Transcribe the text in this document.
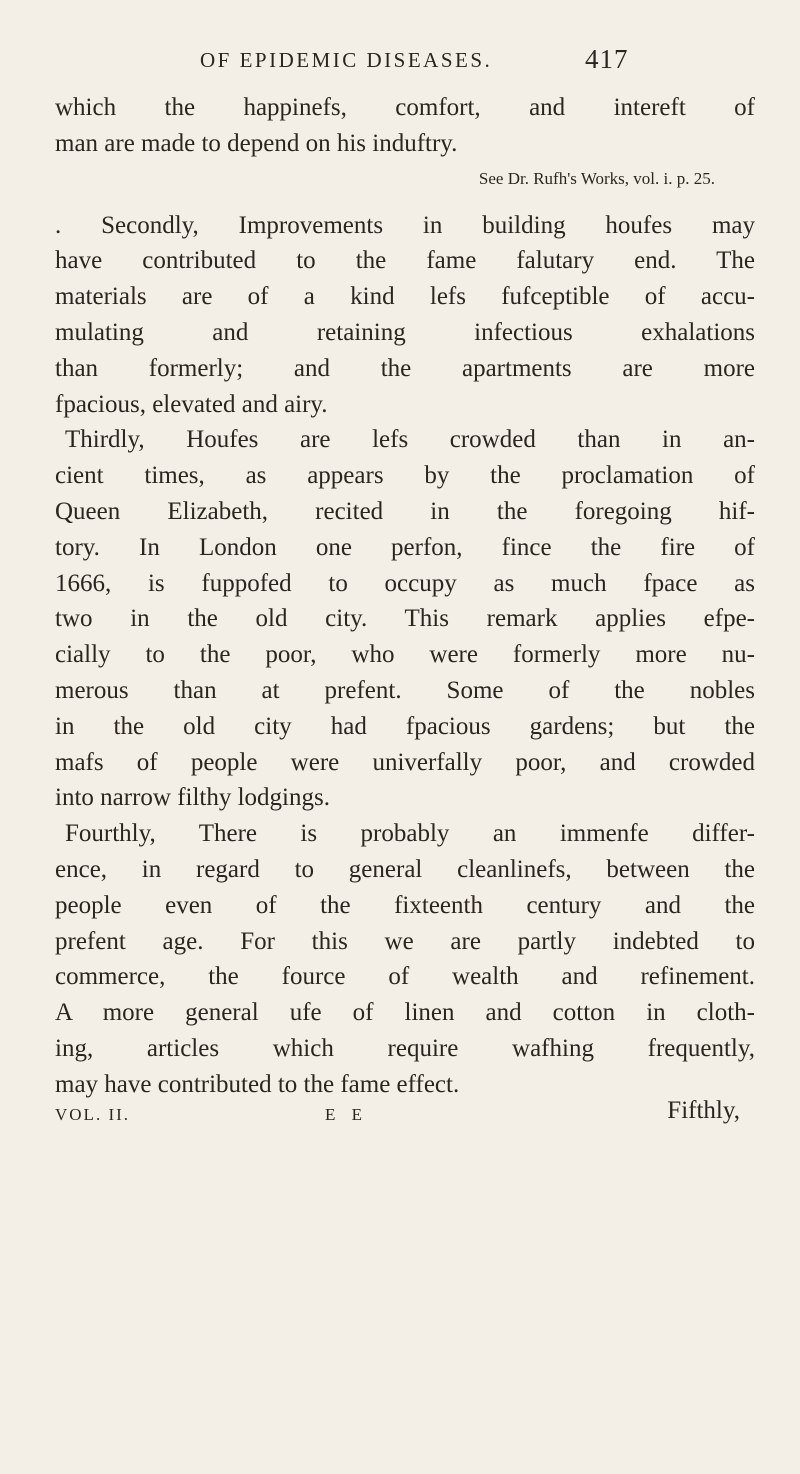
OF EPIDEMIC DISEASES.	417
which the happinefs, comfort, and intereft of
man are made to depend on his induftry.
See Dr. Rufh's Works, vol. i. p. 25.
. Secondly, Improvements in building houfes may
have contributed to the fame falutary end. The
materials are of a kind lefs fufceptible of accu-
mulating and retaining infectious exhalations
than formerly; and the apartments are more
fpacious, elevated and airy.
Thirdly, Houfes are lefs crowded than in an-
cient times, as appears by the proclamation of
Queen Elizabeth, recited in the foregoing hif-
tory. In London one perfon, fince the fire of
1666, is fuppofed to occupy as much fpace as
two in the old city. This remark applies efpe-
cially to the poor, who were formerly more nu-
merous than at prefent. Some of the nobles
in the old city had fpacious gardens; but the
mafs of people were univerfally poor, and crowded
into narrow filthy lodgings.
Fourthly, There is probably an immenfe differ-
ence, in regard to general cleanlinefs, between the
people even of the fixteenth century and the
prefent age. For this we are partly indebted to
commerce, the fource of wealth and refinement.
A more general ufe of linen and cotton in cloth-
ing, articles which require wafhing frequently,
may have contributed to the fame effect.
VOL. II.	E E	Fifthly,
